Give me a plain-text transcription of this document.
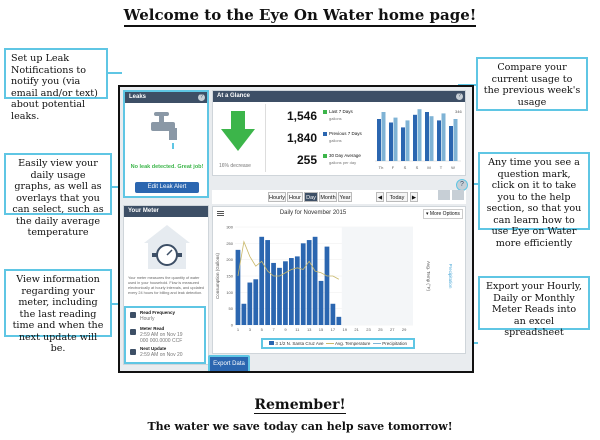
Welcome to the Eye On Water home page!
Set up Leak Notifications to notify you (via email and/or text) about potential leaks.
Compare your current usage to the previous week's usage
Easily view your daily usage graphs, as well as overlays that you can select, such as the daily average temperature
Any time you see a question mark, click on it to take you to the help section, so that you can learn how to use Eye on Water more efficiently
View information regarding your meter, including the last reading time and when the next update will be.
Export your Hourly, Daily or Monthly Meter Reads into an excel spreadsheet
Leaks	?
No leak detected. Great job!
Edit Leak Alert
At a Glance	?
16% decrease
1,546	Last 7 Days
gallons
1,840	Previous 7 Days
gallons
255	30 Day Average
gallons per day
Th F S S M T W
346
Your Meter
Your meter measures the quantity of water used in your household. Flow is measured electronically at hourly intervals, and updated every 24 hours for billing and leak detection.
Read Frequency
Hourly
Meter Read
2:59 AM on Nov 19
000 000.0000 CCF
Next Update
2:59 AM on Nov 20
Hourly Hour Day Month Year	◀	Today	▶
?
▾ More Options
Daily for November 2015
0
50
100
150
200
250
300
1 3 5 7 9 11 13 15 17 19 21 23 25 27 29
Consumption (Gallons)	Avg. Temp (°F)	Precipitation
3 1/2 N. Santa Cruz Ave	Avg. Temperature	Precipitation
Export Data
Remember!
The water we save today can help save tomorrow!
